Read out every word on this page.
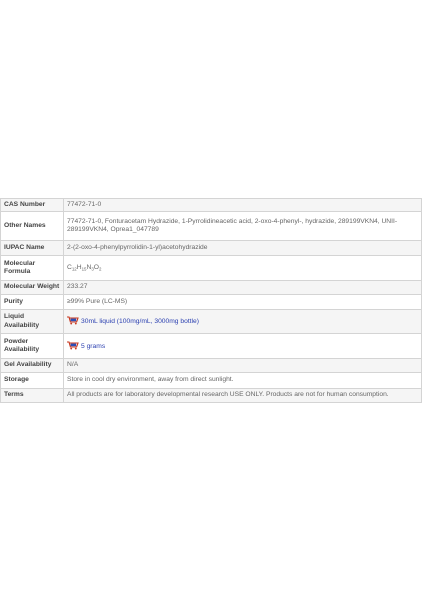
CAS Number	77472-71-0
Other Names	77472-71-0, Fonturacetam Hydrazide, 1-Pyrrolidineacetic acid, 2-oxo-4-phenyl-, hydrazide, 289199VKN4, UNII-289199VKN4, Oprea1_047789
IUPAC Name	2-(2-oxo-4-phenylpyrrolidin-1-yl)acetohydrazide
Molecular
Formula	$C_{12}H_{15}N_3O_2$
Molecular Weight	233.27
Purity	≥99% Pure (LC-MS)
Liquid
Availability	30mL liquid (100mg/mL, 3000mg bottle)
Powder
Availability	5 grams
Gel Availability	N/A
Storage	Store in cool dry environment, away from direct sunlight.
Terms	All products are for laboratory developmental research USE ONLY. Products are not for human consumption.
